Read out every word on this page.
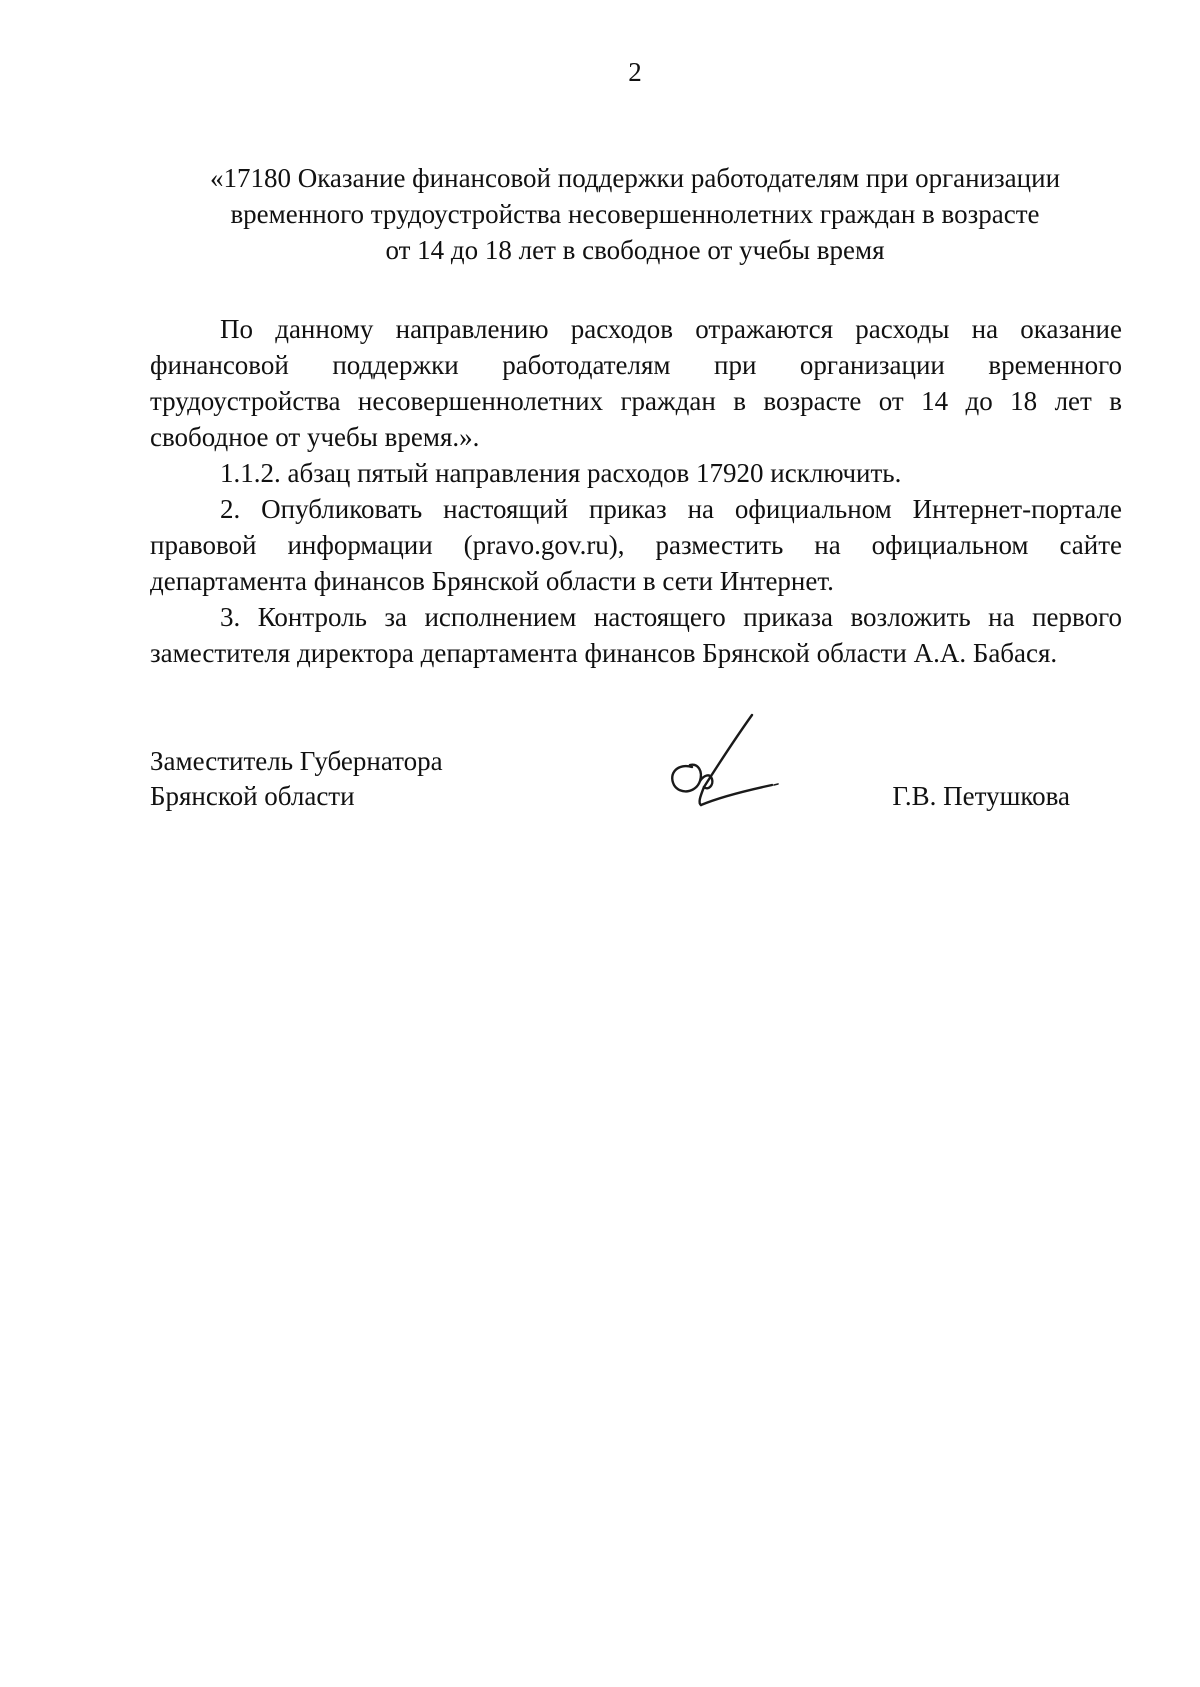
2
«17180 Оказание финансовой поддержки работодателям при организации
временного трудоустройства несовершеннолетних граждан в возрасте
от 14 до 18 лет в свободное от учебы время

По данному направлению расходов отражаются расходы на оказание финансовой поддержки работодателям при организации временного трудоустройства несовершеннолетних граждан в возрасте от 14 до 18 лет в свободное от учебы время.».

1.1.2. абзац пятый направления расходов 17920 исключить.

2. Опубликовать настоящий приказ на официальном Интернет-портале правовой информации (pravo.gov.ru), разместить на официальном сайте департамента финансов Брянской области в сети Интернет.

3. Контроль за исполнением настоящего приказа возложить на первого заместителя директора департамента финансов Брянской области А.А. Бабася.

Заместитель Губернатора
Брянской области	Г.В. Петушкова
